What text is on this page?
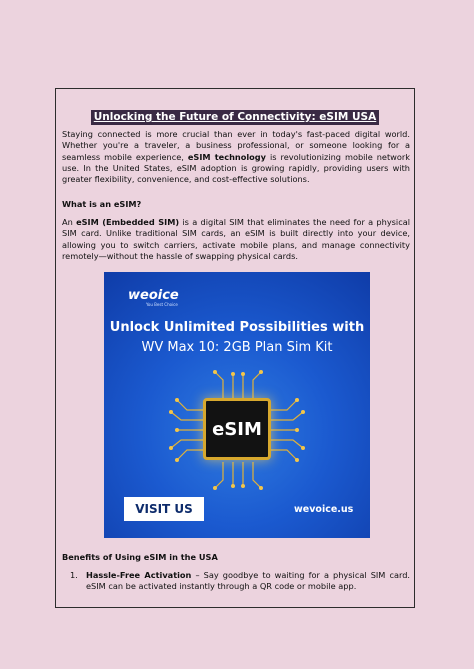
Unlocking the Future of Connectivity: eSIM USA
Staying connected is more crucial than ever in today's fast-paced digital world. Whether you're a traveler, a business professional, or someone looking for a seamless mobile experience, eSIM technology is revolutionizing mobile network use. In the United States, eSIM adoption is growing rapidly, providing users with greater flexibility, convenience, and cost-effective solutions.
What is an eSIM?
An eSIM (Embedded SIM) is a digital SIM that eliminates the need for a physical SIM card. Unlike traditional SIM cards, an eSIM is built directly into your device, allowing you to switch carriers, activate mobile plans, and manage connectivity remotely—without the hassle of swapping physical cards.
weoice
You Best Choice
Unlock Unlimited Possibilities with
WV Max 10: 2GB Plan Sim Kit
eSIM
VISIT US	wevoice.us
Benefits of Using eSIM in the USA
1. Hassle-Free Activation – Say goodbye to waiting for a physical SIM card. eSIM can be activated instantly through a QR code or mobile app.
